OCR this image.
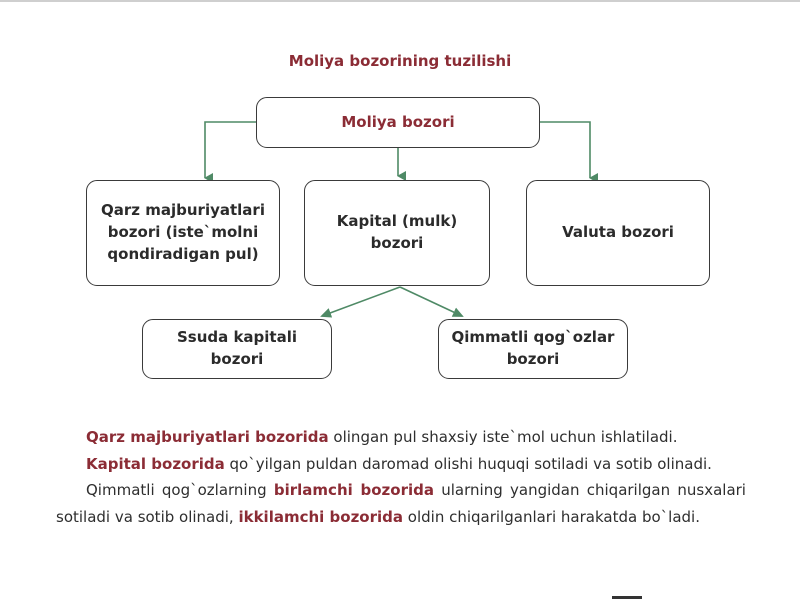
Moliya bozorining tuzilishi
Moliya bozori
Qarz majburiyatlari
bozori (iste`molni
qondiradigan pul)
Kapital (mulk)
bozori
Valuta bozori
Ssuda kapitali
bozori
Qimmatli qog`ozlar
bozori

Qarz majburiyatlari bozorida olingan pul shaxsiy iste`mol uchun ishlatiladi.

Kapital bozorida qo`yilgan puldan daromad olishi huquqi sotiladi va sotib olinadi.

Qimmatli qog`ozlarning birlamchi bozorida ularning yangidan chiqarilgan nusxalari sotiladi va sotib olinadi, ikkilamchi bozorida oldin chiqarilganlari harakatda bo`ladi.
